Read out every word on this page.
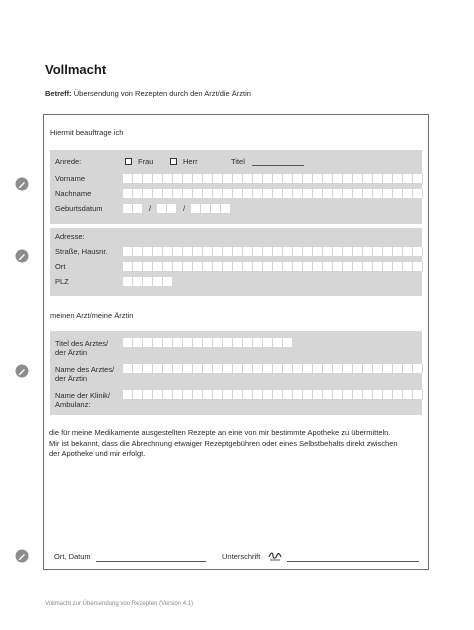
Vollmacht
Betreff: Übersendung von Rezepten durch den Arzt/die Ärztin
Hiermit beauftrage ich
Anrede:	Frau	Herr	Titel
Vorname
Nachname
Geburtsdatum	/	/
Adresse:
Straße, Hausnr.
Ort
PLZ
meinen Arzt/meine Ärztin
Titel des Arztes/
der Ärztin
Name des Arztes/
der Ärztin
Name der Klinik/
Ambulanz:
die für meine Medikamente ausgestellten Rezepte an eine von mir bestimmte Apotheke zu übermitteln.
Mir ist bekannt, dass die Abrechnung etwaiger Rezeptgebühren oder eines Selbstbehalts direkt zwischen
der Apotheke und mir erfolgt.
Ort, Datum	Unterschrift
Vollmacht zur Übersendung von Rezepten (Version 4.1)
